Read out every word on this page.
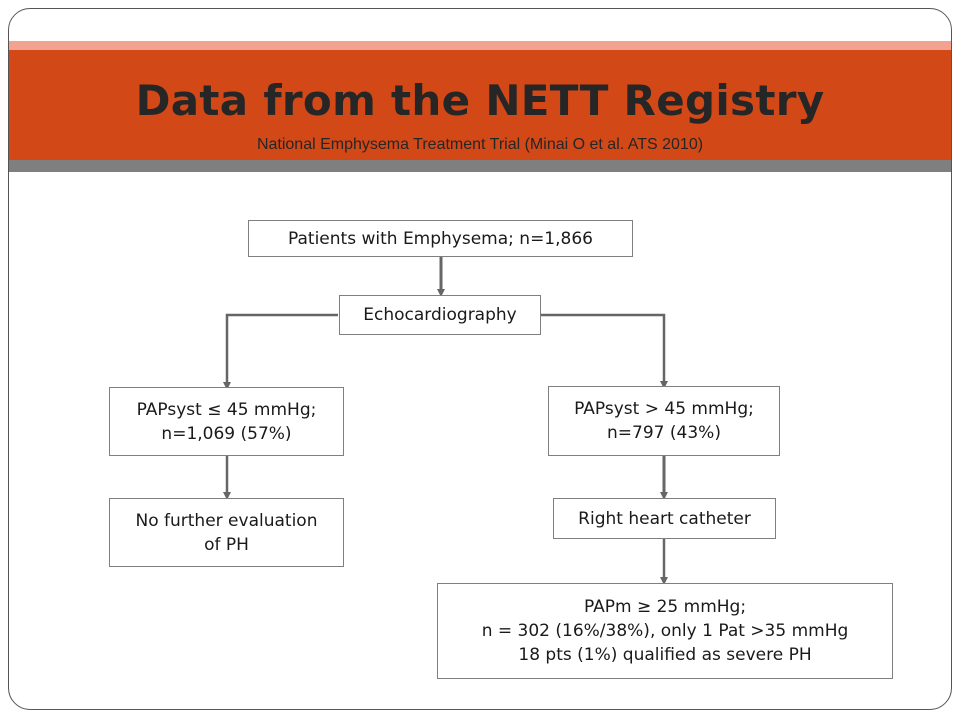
Data from the NETT Registry
National Emphysema Treatment Trial (Minai O et al. ATS 2010)
Patients with Emphysema; n=1,866
Echocardiography
PAPsyst ≤ 45 mmHg;
n=1,069 (57%)
PAPsyst > 45 mmHg;
n=797 (43%)
No further evaluation
of PH
Right heart catheter
PAPm ≥ 25 mmHg;
n = 302 (16%/38%), only 1 Pat >35 mmHg
18 pts (1%) qualified as severe PH
